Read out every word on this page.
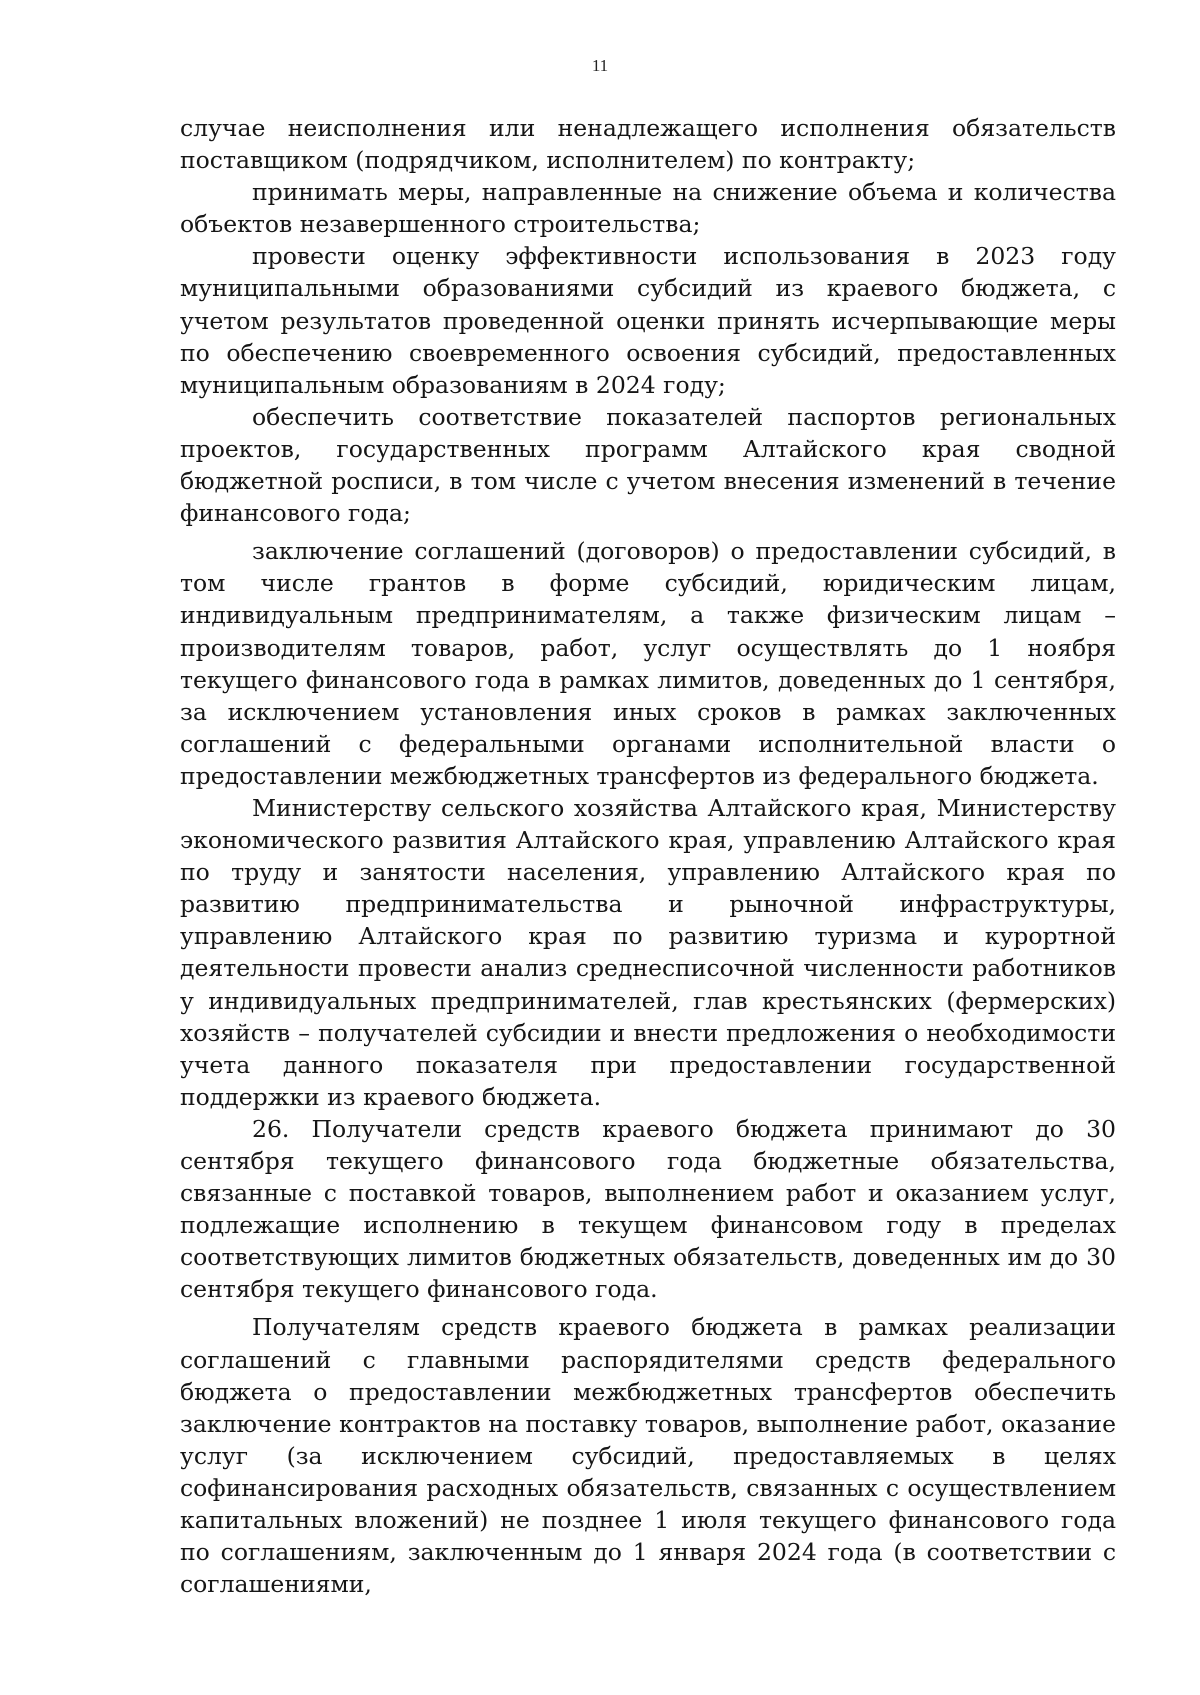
11

случае неисполнения или ненадлежащего исполнения обязательств поставщиком (подрядчиком, исполнителем) по контракту;

принимать меры, направленные на снижение объема и количества объектов незавершенного строительства;

провести оценку эффективности использования в 2023 году муниципальными образованиями субсидий из краевого бюджета, с учетом результатов проведенной оценки принять исчерпывающие меры по обеспечению своевременного освоения субсидий, предоставленных муниципальным образованиям в 2024 году;

обеспечить соответствие показателей паспортов региональных проектов, государственных программ Алтайского края сводной бюджетной росписи, в том числе с учетом внесения изменений в течение финансового года;

заключение соглашений (договоров) о предоставлении субсидий, в том числе грантов в форме субсидий, юридическим лицам, индивидуальным предпринимателям, а также физическим лицам – производителям товаров, работ, услуг осуществлять до 1 ноября текущего финансового года в рамках лимитов, доведенных до 1 сентября, за исключением установления иных сроков в рамках заключенных соглашений с федеральными органами исполнительной власти о предоставлении межбюджетных трансфертов из федерального бюджета.

Министерству сельского хозяйства Алтайского края, Министерству экономического развития Алтайского края, управлению Алтайского края по труду и занятости населения, управлению Алтайского края по развитию предпринимательства и рыночной инфраструктуры, управлению Алтайского края по развитию туризма и курортной деятельности провести анализ среднесписочной численности работников у индивидуальных предпринимателей, глав крестьянских (фермерских) хозяйств – получателей субсидии и внести предложения о необходимости учета данного показателя при предоставлении государственной поддержки из краевого бюджета.

26. Получатели средств краевого бюджета принимают до 30 сентября текущего финансового года бюджетные обязательства, связанные с поставкой товаров, выполнением работ и оказанием услуг, подлежащие исполнению в текущем финансовом году в пределах соответствующих лимитов бюджетных обязательств, доведенных им до 30 сентября текущего финансового года.

Получателям средств краевого бюджета в рамках реализации соглашений с главными распорядителями средств федерального бюджета о предоставлении межбюджетных трансфертов обеспечить заключение контрактов на поставку товаров, выполнение работ, оказание услуг (за исключением субсидий, предоставляемых в целях софинансирования расходных обязательств, связанных с осуществлением капитальных вложений) не позднее 1 июля текущего финансового года по соглашениям, заключенным до 1 января 2024 года (в соответствии с соглашениями,
